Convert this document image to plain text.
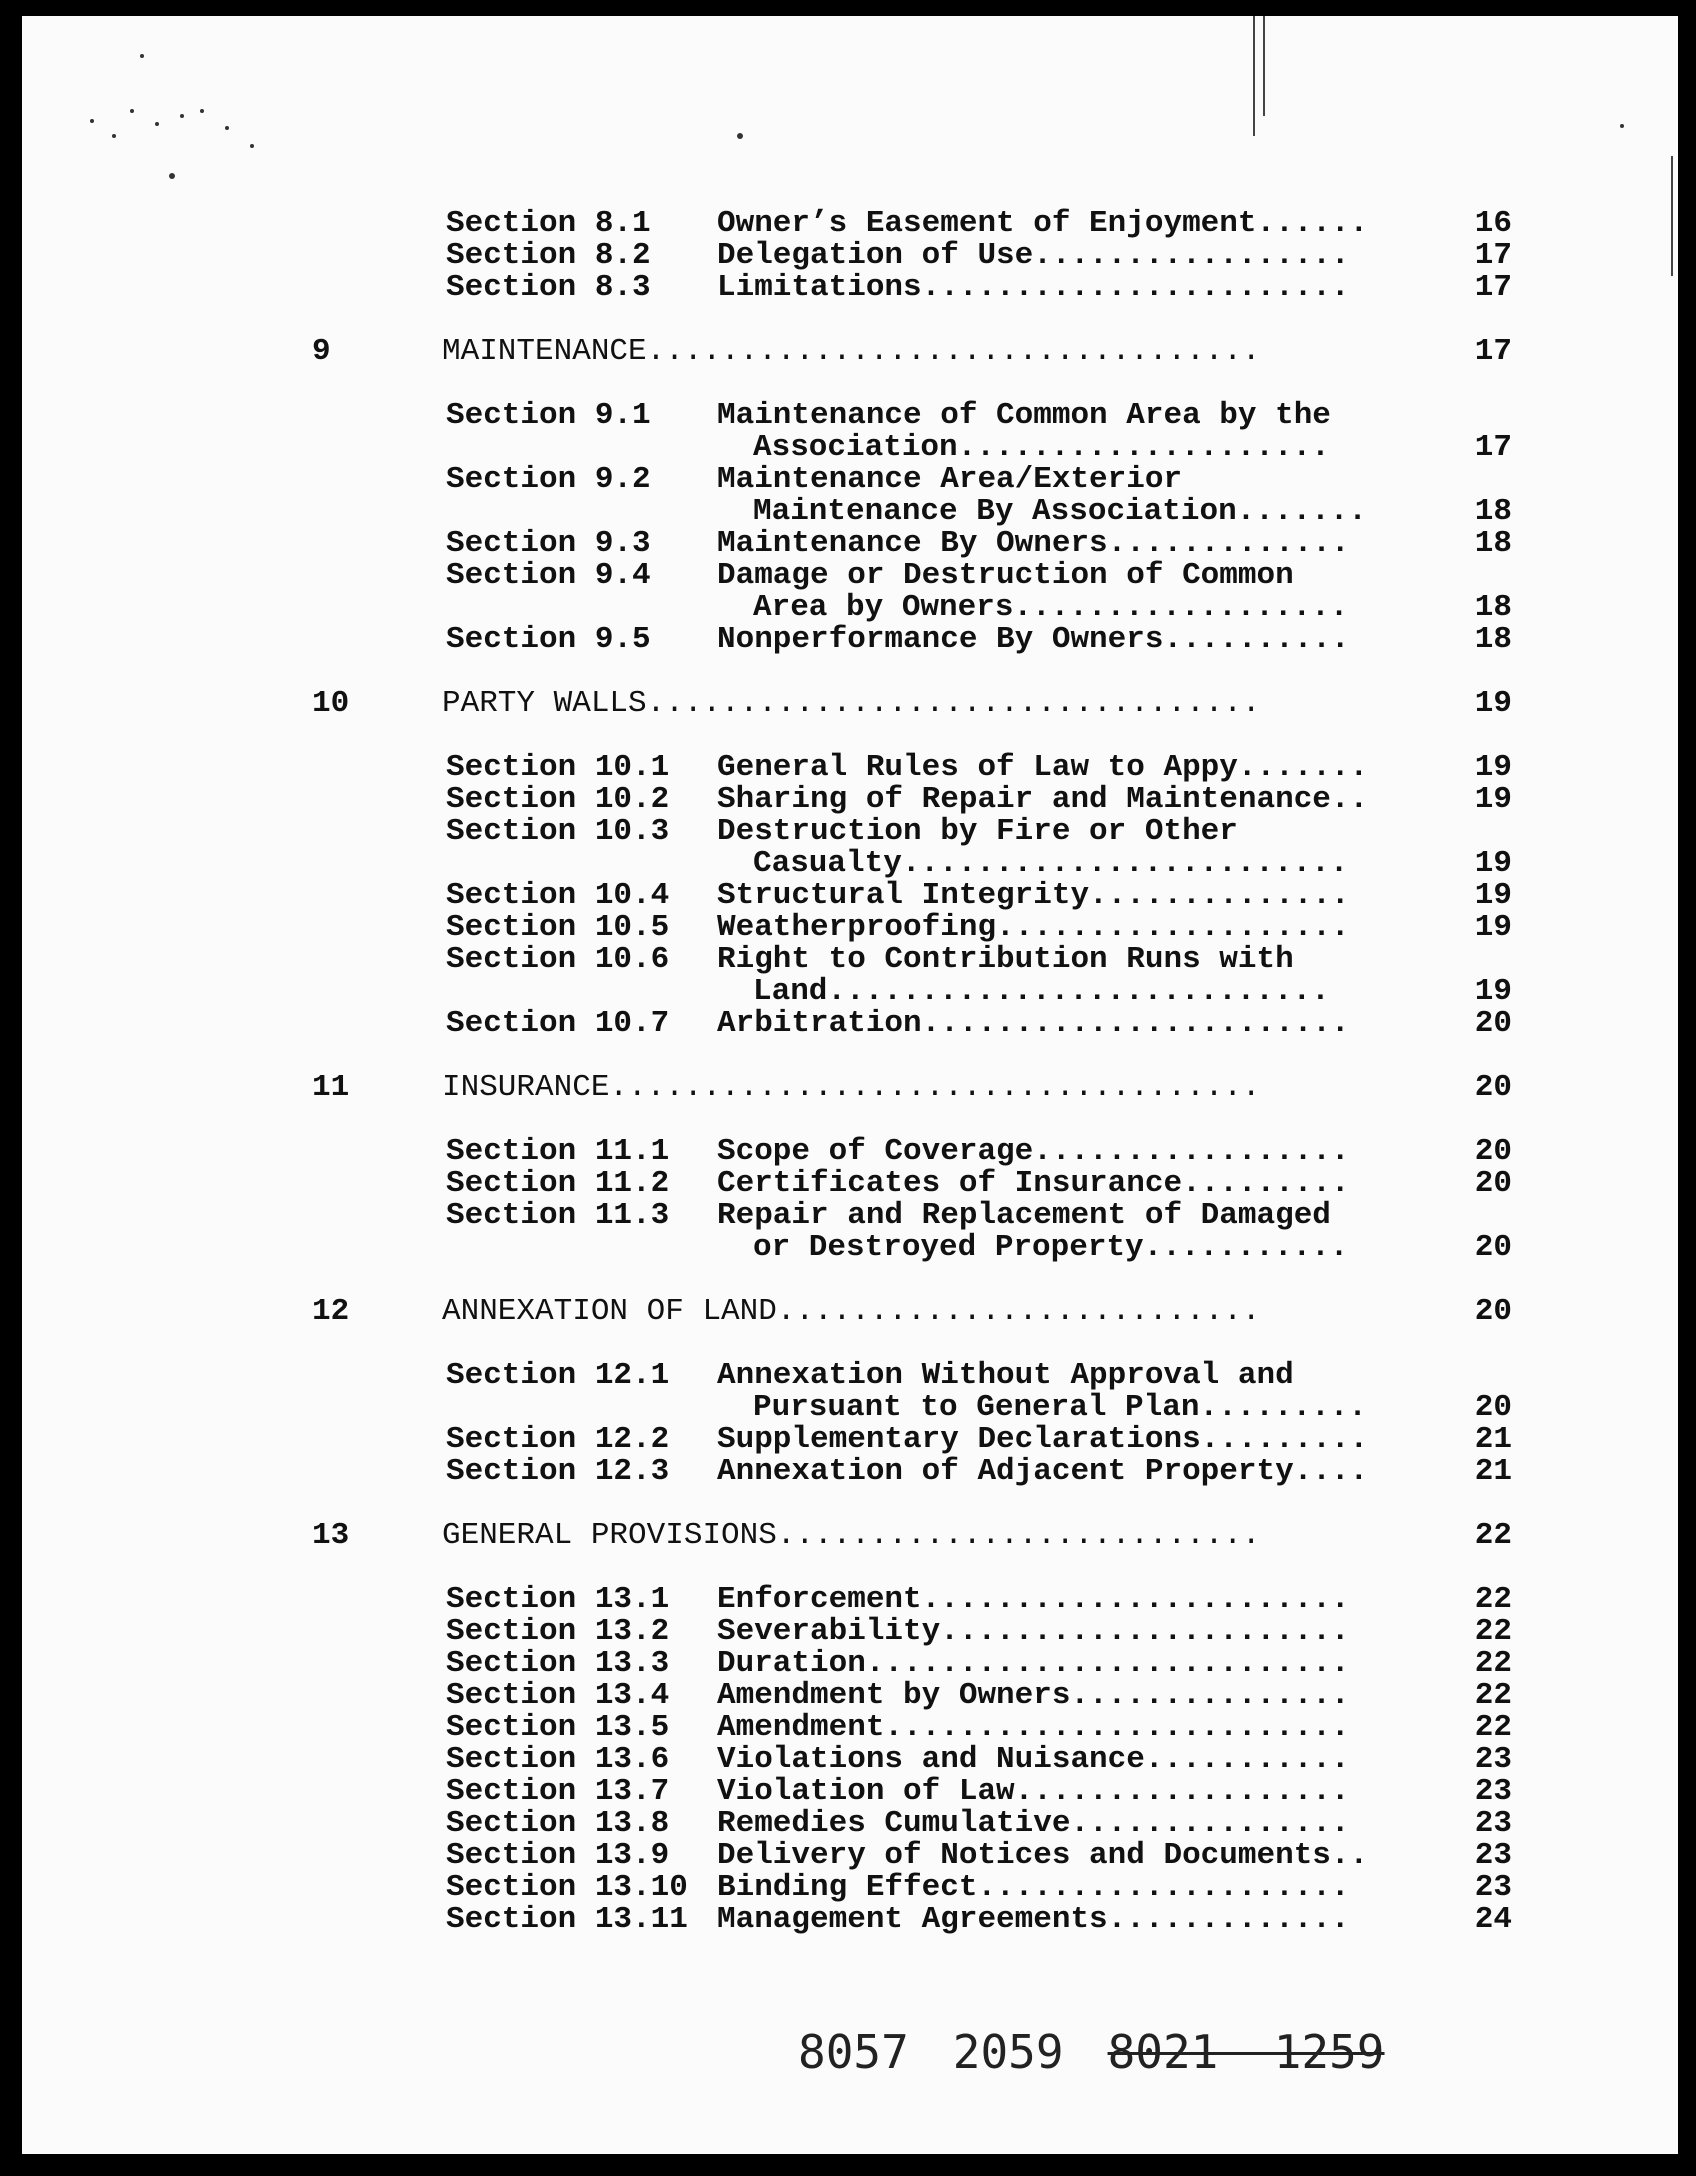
Section 8.1 Owner’s Easement of Enjoyment......	16
Section 8.2 Delegation of Use.................	17
Section 8.3 Limitations.......................	17
9	MAINTENANCE.................................	17
Section 9.1 Maintenance of Common Area by the
Association....................	17
Section 9.2 Maintenance Area/Exterior
Maintenance By Association.......	18
Section 9.3 Maintenance By Owners.............	18
Section 9.4 Damage or Destruction of Common
Area by Owners..................	18
Section 9.5 Nonperformance By Owners..........	18
10	PARTY WALLS.................................	19
Section 10.1 General Rules of Law to Appy.......	19
Section 10.2 Sharing of Repair and Maintenance..	19
Section 10.3 Destruction by Fire or Other
Casualty........................	19
Section 10.4 Structural Integrity..............	19
Section 10.5 Weatherproofing...................	19
Section 10.6 Right to Contribution Runs with
Land...........................	19
Section 10.7 Arbitration.......................	20
11	INSURANCE...................................	20
Section 11.1 Scope of Coverage.................	20
Section 11.2 Certificates of Insurance.........	20
Section 11.3 Repair and Replacement of Damaged
or Destroyed Property...........	20
12	ANNEXATION OF LAND..........................	20
Section 12.1 Annexation Without Approval and
Pursuant to General Plan.........	20
Section 12.2 Supplementary Declarations.........	21
Section 12.3 Annexation of Adjacent Property....	21
13	GENERAL PROVISIONS..........................	22
Section 13.1 Enforcement.......................	22
Section 13.2 Severability......................	22
Section 13.3 Duration..........................	22
Section 13.4 Amendment by Owners...............	22
Section 13.5 Amendment.........................	22
Section 13.6 Violations and Nuisance...........	23
Section 13.7 Violation of Law..................	23
Section 13.8 Remedies Cumulative...............	23
Section 13.9 Delivery of Notices and Documents..	23
Section 13.10 Binding Effect....................	23
Section 13.11 Management Agreements.............	24
8057 2059 8021  1259
